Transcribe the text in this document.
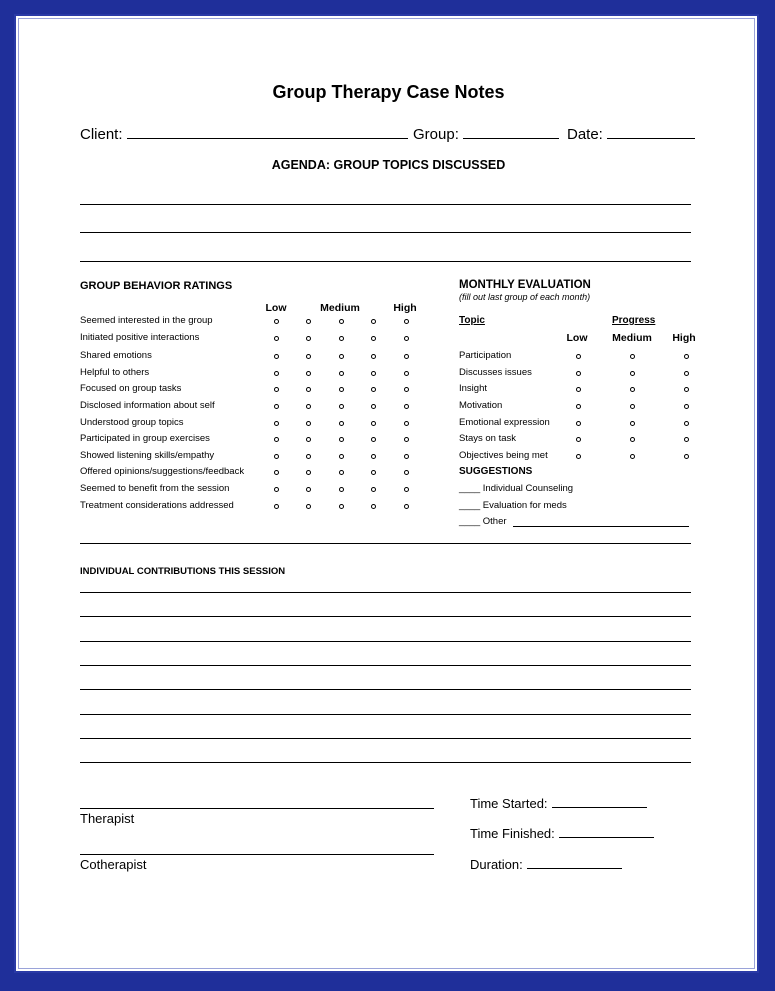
Group Therapy Case Notes
Client:	Group:	Date:
AGENDA: GROUP TOPICS DISCUSSED
GROUP BEHAVIOR RATINGS
Low	Medium	High
Seemed interested in the group
Initiated positive interactions
Shared emotions
Helpful to others
Focused on group tasks
Disclosed information about self
Understood group topics
Participated in group exercises
Showed listening skills/empathy
Offered opinions/suggestions/feedback
Seemed to benefit from the session
Treatment considerations addressed
MONTHLY EVALUATION
(fill out last group of each month)
Topic	Progress
Low	Medium	High
Participation
Discusses issues
Insight
Motivation
Emotional expression
Stays on task
Objectives being met
SUGGESTIONS
____ Individual Counseling
____ Evaluation for meds
____ Other
INDIVIDUAL CONTRIBUTIONS THIS SESSION
Therapist
Cotherapist
Time Started:
Time Finished:
Duration:
